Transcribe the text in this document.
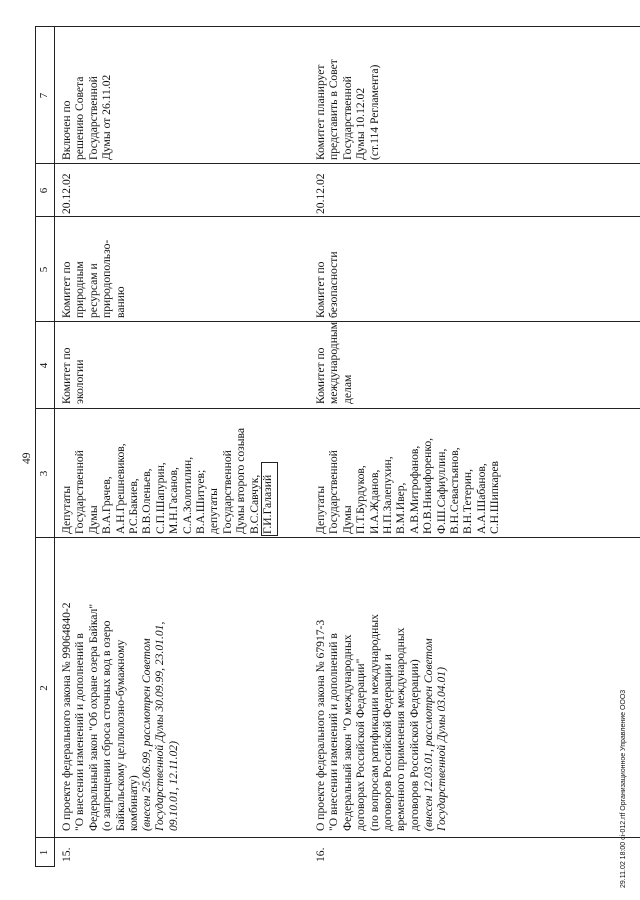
49
1
2
3
4
5
6
7
15.
О проекте федерального закона № 99064840-2
"О внесении изменений и дополнений в
Федеральный закон "Об охране озера Байкал"
(о запрещении сброса сточных вод в озеро
Байкальскому целлюлозно-бумажному
комбинату) (внесен 25.06.99, рассмотрен Советом
Государственной Думы 30.09.99, 23.01.01,
09.10.01, 12.11.02)
Депутаты
Государственной
Думы
В.А.Грачев,
А.Н.Грешневиков,
Р.С.Бакиев,
В.В.Оленьев,
С.П.Шапурин,
М.Н.Гасанов,
С.А.Золотилин,
В.А.Шитуев;
депутаты
Государственной
Думы второго созыва
В.С.Савчук, Г.И.Галазий
Комитет по
экологии
Комитет по
природным
ресурсам и
природопользо-
ванию
20.12.02
Включен по
решению Совета
Государственной
Думы от 26.11.02
16.
О проекте федерального закона № 67917-3
"О внесении изменений и дополнений в
Федеральный закон "О международных
договорах Российской Федерации"
(по вопросам ратификации международных
договоров Российской Федерации и
временного применения международных
договоров Российской Федерации)
(внесен 12.03.01, рассмотрен Советом
Государственной Думы 03.04.01)
Депутаты
Государственной
Думы
П.Т.Бурдуков,
И.А.Жданов,
Н.П.Залепухин,
В.М.Ивер,
А.В.Митрофанов,
Ю.В.Никифоренко,
Ф.Ш.Сафиуллин,
В.Н.Севастьянов,
В.Н.Тетерин,
А.А.Шабанов,
С.Н.Шипкарев
Комитет по
международным
делам
Комитет по
безопасности
20.12.02
Комитет планирует
представить в Совет
Государственной
Думы 10.12.02
(ст.114 Регламента)
29.11.02 18:00 ci-012.rtf Организационное Управление ООО3
